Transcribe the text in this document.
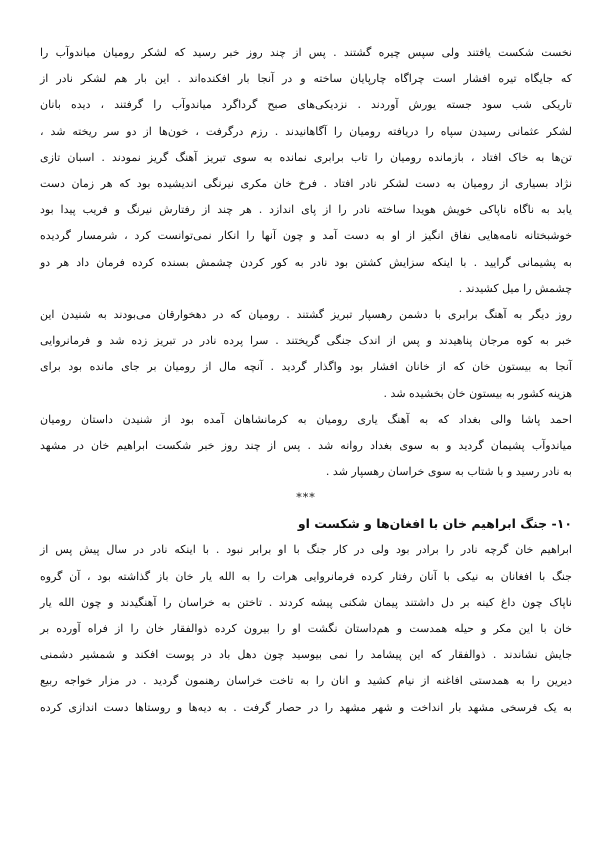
نخست شکست یافتند ولی سپس چیره گشتند . پس از چند روز خبر رسید که لشکر رومیان میاندوآب را
که جایگاه تیره افشار است چراگاه چارپایان ساخته و در آنجا بار افکنده‌اند . این بار هم لشکر نادر از
تاریکی شب سود جسته یورش آوردند . نزدیکی‌های صبح گرداگرد میاندوآب را گرفتند ، دیده بانان
لشکر عثمانی رسیدن سپاه را دریافته رومیان را آگاهانیدند . رزم درگرفت ، خون‌ها از دو سر ریخته شد ،
تن‌ها به خاک افتاد ، بازمانده رومیان را تاب برابری نمانده به سوی تبریز آهنگ گریز نمودند . اسبان تازی
نژاد بسیاری از رومیان به دست لشکر نادر افتاد . فرخ خان مکری نیرنگی اندیشیده بود که هر زمان دست
یابد به ناگاه ناپاکی خویش هویدا ساخته نادر را از پای اندازد . هر چند از رفتارش نیرنگ و فریب پیدا بود
خوشبختانه نامه‌هایی نفاق انگیز از او به دست آمد و چون آنها را انکار نمی‌توانست کرد ، شرمسار گردیده
به پشیمانی گرایید . با اینکه سزایش کشتن بود نادر به کور کردن چشمش بسنده کرده فرمان داد هر دو
چشمش را میل کشیدند .
روز دیگر به آهنگ برابری با دشمن رهسپار تبریز گشتند . رومیان که در دهخوارقان می‌بودند به شنیدن این
خبر به کوه مرجان پناهیدند و پس از اندک جنگی گریختند . سرا پرده نادر در تبریز زده شد و فرمانروایی
آنجا به بیستون خان که از خانان افشار بود واگذار گردید . آنچه مال از رومیان بر جای مانده بود برای
هزینه کشور به بیستون خان بخشیده شد .
احمد پاشا والی بغداد که به آهنگ یاری رومیان به کرمانشاهان آمده بود از شنیدن داستان رومیان
میاندوآب پشیمان گردید و به سوی بغداد روانه شد . پس از چند روز خبر شکست ابراهیم خان در مشهد
به نادر رسید و با شتاب به سوی خراسان رهسپار شد .

***

۱۰- جنگ ابراهیم خان با افغان‌ها و شکست او

ابراهیم خان گرچه نادر را برادر بود ولی در کار جنگ با او برابر نبود . با اینکه نادر در سال پیش پس از
جنگ با افغانان به نیکی با آنان رفتار کرده فرمانروایی هرات را به الله یار خان باز گذاشته بود ، آن گروه
ناپاک چون داغ کینه بر دل داشتند پیمان شکنی پیشه کردند . تاختن به خراسان را آهنگیدند و چون الله یار
خان با این مکر و حیله همدست و هم‌داستان نگشت او را بیرون کرده ذوالفقار خان را از فراه آورده بر
جایش نشاندند . ذوالفقار که این پیشامد را نمی بیوسید چون دهل باد در پوست افکند و شمشیر دشمنی
دیرین را به همدستی افاغنه از نیام کشید و انان را به تاخت خراسان رهنمون گردید . در مزار خواجه ربیع
به یک فرسخی مشهد بار انداخت و شهر مشهد را در حصار گرفت . به دیه‌ها و روستاها دست اندازی کرده
